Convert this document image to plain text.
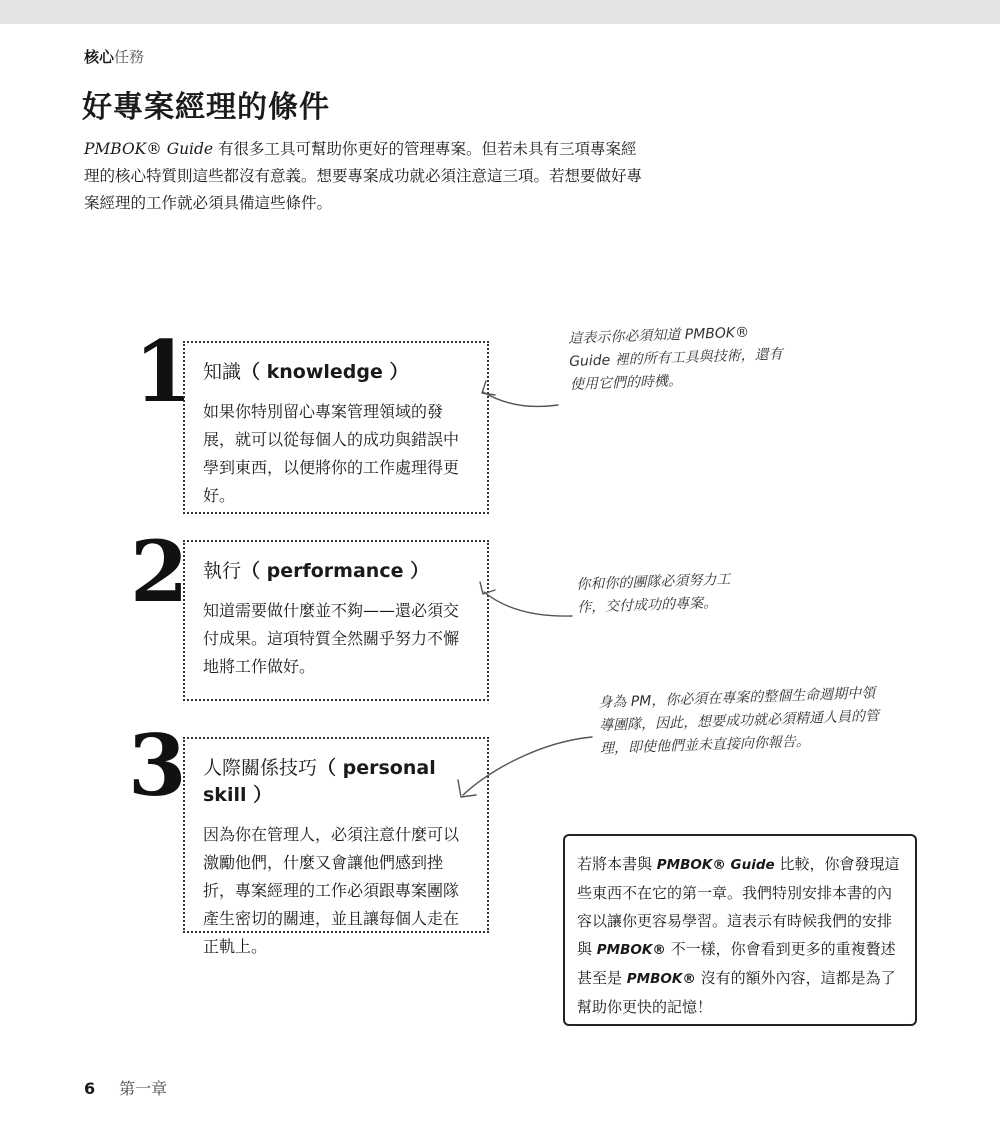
核心任務
好專案經理的條件
PMBOK® Guide 有很多工具可幫助你更好的管理專案。但若未具有三項專案經理的核心特質則這些都沒有意義。想要專案成功就必須注意這三項。若想要做好專案經理的工作就必須具備這些條件。
1 知識（ knowledge ）

如果你特別留心專案管理領域的發展，就可以從每個人的成功與錯誤中學到東西，以便將你的工作處理得更好。

這表示你必須知道 PMBOK® Guide 裡的所有工具與技術，還有使用它們的時機。
2 執行（ performance ）

知道需要做什麼並不夠——還必須交付成果。這項特質全然關乎努力不懈地將工作做好。

你和你的團隊必須努力工作，交付成功的專案。
3 人際關係技巧（ personal skill ）

因為你在管理人，必須注意什麼可以激勵他們，什麼又會讓他們感到挫折，專案經理的工作必須跟專案團隊產生密切的關連，並且讓每個人走在正軌上。

身為 PM，你必須在專案的整個生命週期中領導團隊，因此，想要成功就必須精通人員的管理，即使他們並未直接向你報告。
若將本書與 PMBOK® Guide 比較，你會發現這些東西不在它的第一章。我們特別安排本書的內容以讓你更容易學習。這表示有時候我們的安排與 PMBOK® 不一樣，你會看到更多的重複贅述甚至是 PMBOK® 沒有的額外內容，這都是為了幫助你更快的記憶！
6 第一章
